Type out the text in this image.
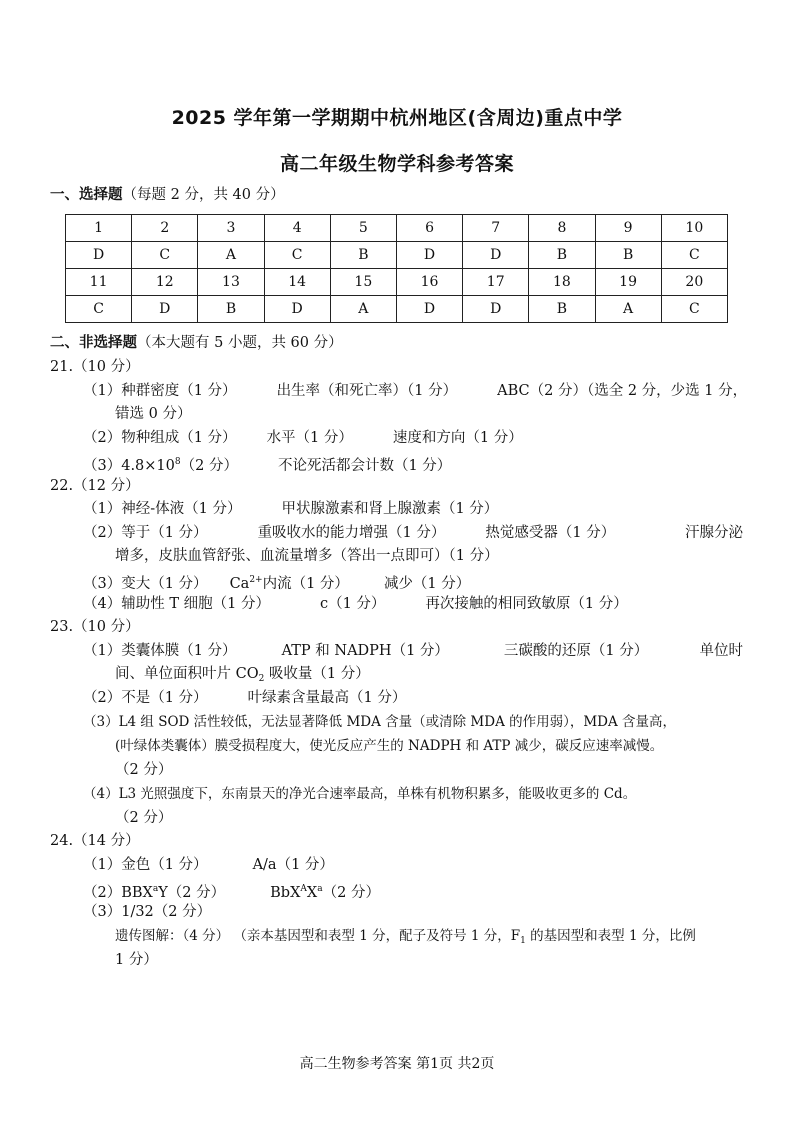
2025 学年第一学期期中杭州地区(含周边)重点中学
高二年级生物学科参考答案
一、选择题（每题 2 分，共 40 分）
1	2	3	4	5	6	7	8	9	10
D	C	A	C	B	D	D	B	B	C
11	12	13	14	15	16	17	18	19	20
C	D	B	D	A	D	D	B	A	C
二、非选择题（本大题有 5 小题，共 60 分）
21.（10 分）
（1）种群密度（1 分）	出生率（和死亡率）（1 分）	ABC（2 分）（选全 2 分，少选 1 分，
错选 0 分）
（2）物种组成（1 分） 水平（1 分）	速度和方向（1 分）
$(3)4.8\times 10^8(2$ 分）	不论死活都会计数（1 分）
22.（12 分）
（1）神经-体液（1 分）	甲状腺激素和肾上腺激素（1 分）
（2）等于（1 分）	重吸收水的能力增强（1 分）	热觉感受器（1 分）	汗腺分泌
增多，皮肤血管舒张、血流量增多（答出一点即可）（1 分）
（3）变大（1 分） $Ca^{2+}$内流（1 分） 减少（1 分）
（4）辅助性 T 细胞（1 分）	c（1 分）	再次接触的相同致敏原（1 分）
23.（10 分）
（1）类囊体膜（1 分）	ATP 和 NADPH（1 分）	三碳酸的还原（1 分）	单位时
间、单位面积叶片 $CO_2$ 吸收量（1 分）
（2）不是（1 分）	叶绿素含量最高（1 分）
（3）L4 组 SOD 活性较低，无法显著降低 MDA 含量（或清除 MDA 的作用弱），MDA 含量高，
(叶绿体类囊体）膜受损程度大，使光反应产生的 NADPH 和 ATP 减少，碳反应速率减慢。
（2 分）
（4）L3 光照强度下，东南景天的净光合速率最高，单株有机物积累多，能吸收更多的 Cd。
（2 分）
24.（14 分）
（1）金色（1 分）	A/a（1 分）
（2）BBX$^a$Y（2 分）	$BbX^AX^a(2$ 分）
（3）1/32（2 分）
遗传图解：（4 分） （亲本基因型和表型 1 分，配子及符号 1 分，$F_1$ 的基因型和表型 1 分，比例
1 分）
高二生物参考答案 第1页 共2页
